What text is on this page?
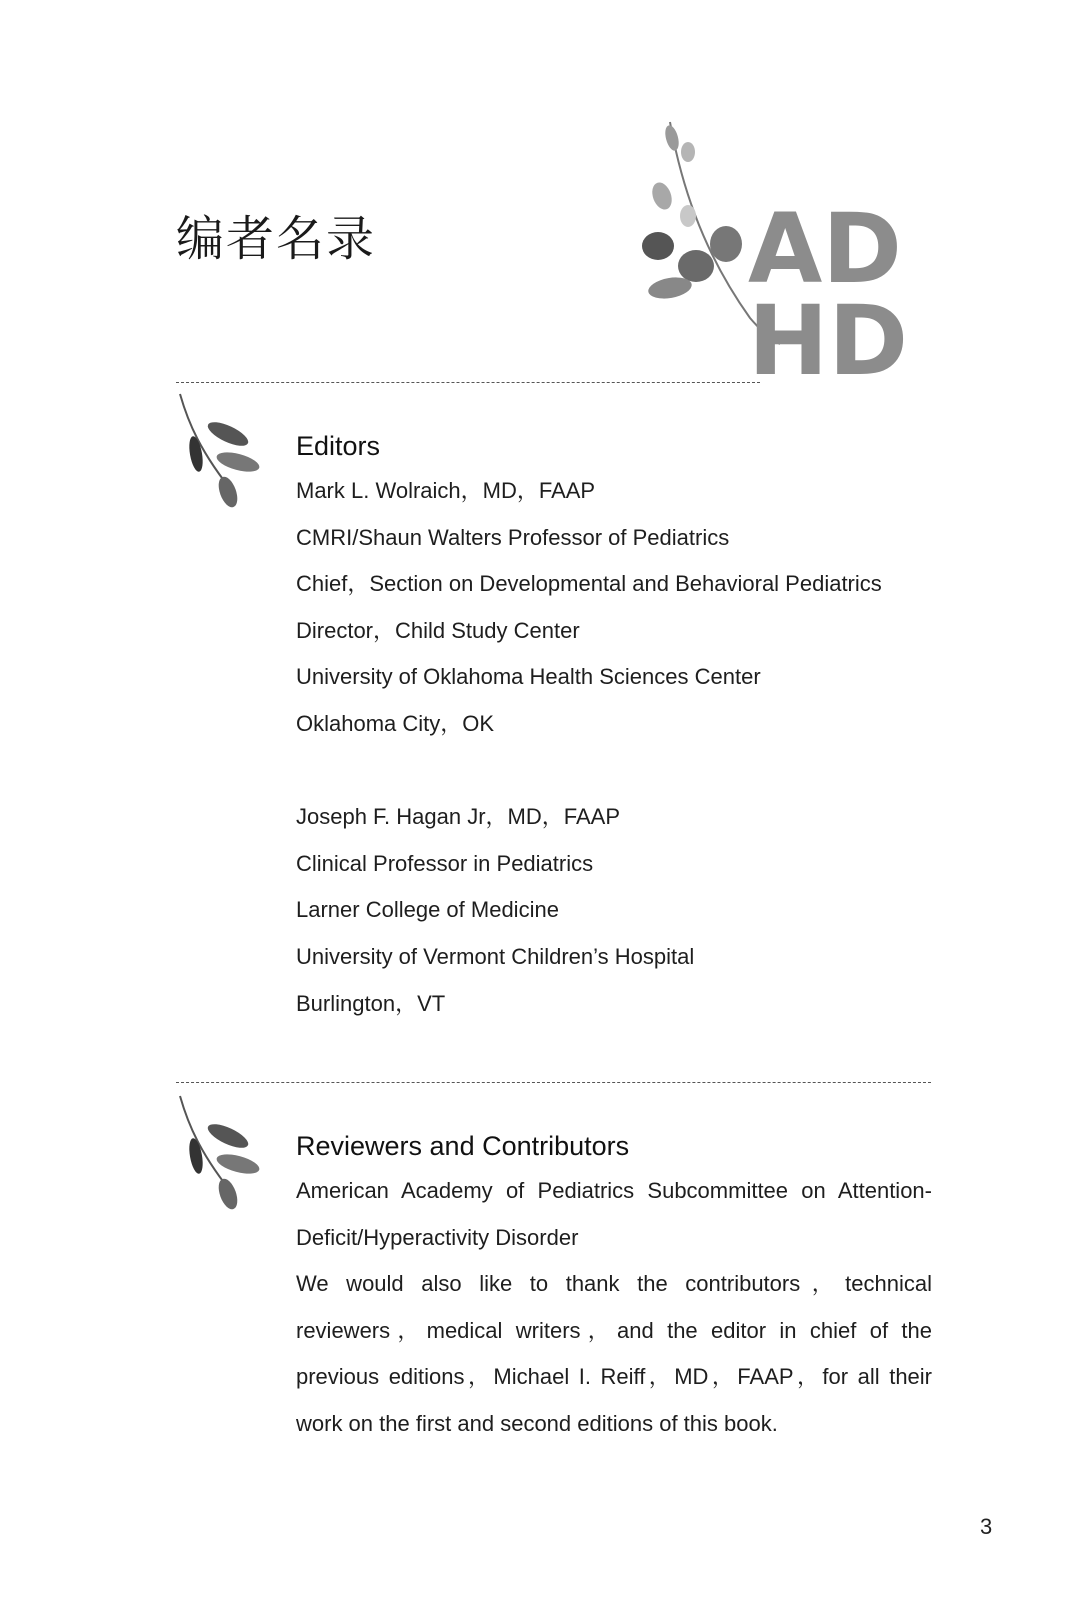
编者名录	AD
HD
Editors
Mark L. Wolraich，MD，FAAP
CMRI/Shaun Walters Professor of Pediatrics
Chief，Section on Developmental and Behavioral Pediatrics
Director，Child Study Center
University of Oklahoma Health Sciences Center
Oklahoma City，OK
Joseph F. Hagan Jr，MD，FAAP
Clinical Professor in Pediatrics
Larner College of Medicine
University of Vermont Children’s Hospital
Burlington，VT
Reviewers and Contributors
American Academy of Pediatrics Subcommittee on Attention-Deficit/Hyperactivity Disorder
We would also like to thank the contributors，technical reviewers，medical writers，and the editor in chief of the previous editions，Michael I. Reiff，MD，FAAP，for all their work on the first and second editions of this book.
3
